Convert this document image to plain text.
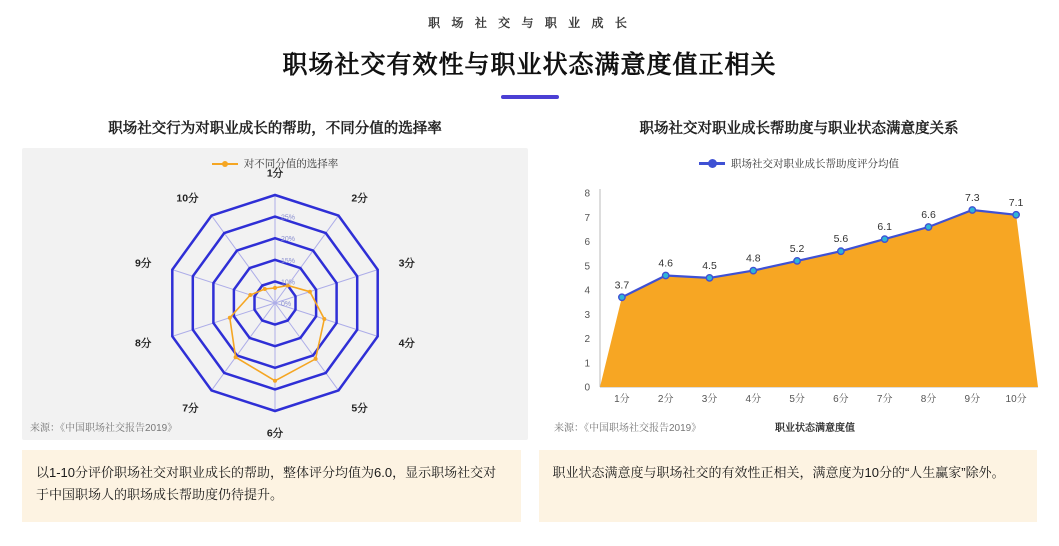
职 场 社 交 与 职 业 成 长
职场社交有效性与职业状态满意度值正相关
职场社交行为对职业成长的帮助，不同分值的选择率
对不同分值的选择率
1分
2分
3分
4分
5分
6分
7分
8分
9分
10分
0%
10%
15%
20%
25%
来源：《中国职场社交报告2019》
职场社交对职业成长帮助度与职业状态满意度关系
职场社交对职业成长帮助度评分均值
0
1
2
3
4
5
6
7
8
3.7
4.6	4.5
4.8
5.2
5.6
6.1
6.6
7.3	7.1
1分	2分	3分	4分	5分	6分	7分	8分	9分	10分
来源：《中国职场社交报告2019》	职业状态满意度值
以1-10分评价职场社交对职业成长的帮助，整体评分均值为6.0，显示职场社交对于中国职场人的职场成长帮助度仍待提升。
职业状态满意度与职场社交的有效性正相关，满意度为10分的“人生赢家”除外。
